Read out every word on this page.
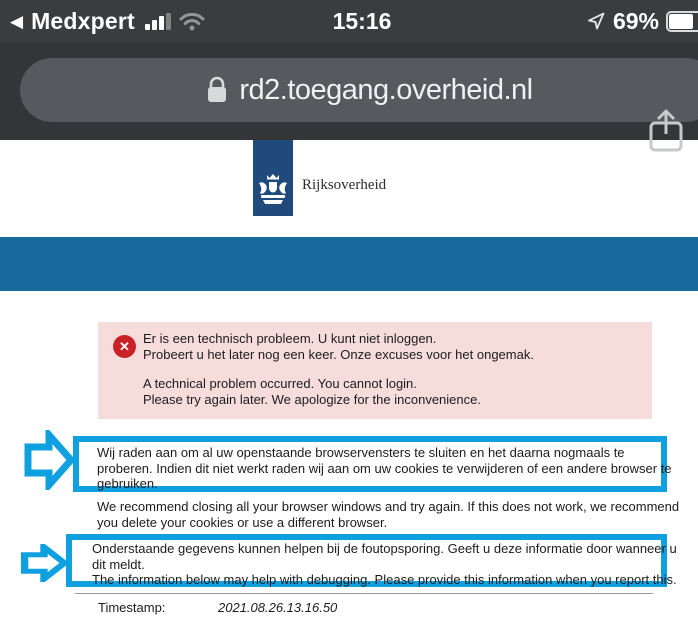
◀ Medxpert	15:16	69%
rd2.toegang.overheid.nl
Rijksoverheid
✕	Er is een technisch probleem. U kunt niet inloggen.
Probeert u het later nog een keer. Onze excuses voor het ongemak.
A technical problem occurred. You cannot login.
Please try again later. We apologize for the inconvenience.
Wij raden aan om al uw openstaande browservensters te sluiten en het daarna nogmaals te
proberen. Indien dit niet werkt raden wij aan om uw cookies te verwijderen of een andere browser te
gebruiken.
We recommend closing all your browser windows and try again. If this does not work, we recommend
you delete your cookies or use a different browser.
Onderstaande gegevens kunnen helpen bij de foutopsporing. Geeft u deze informatie door wanneer u
dit meldt.
The information below may help with debugging. Please provide this information when you report this.
Timestamp:	2021.08.26.13.16.50
